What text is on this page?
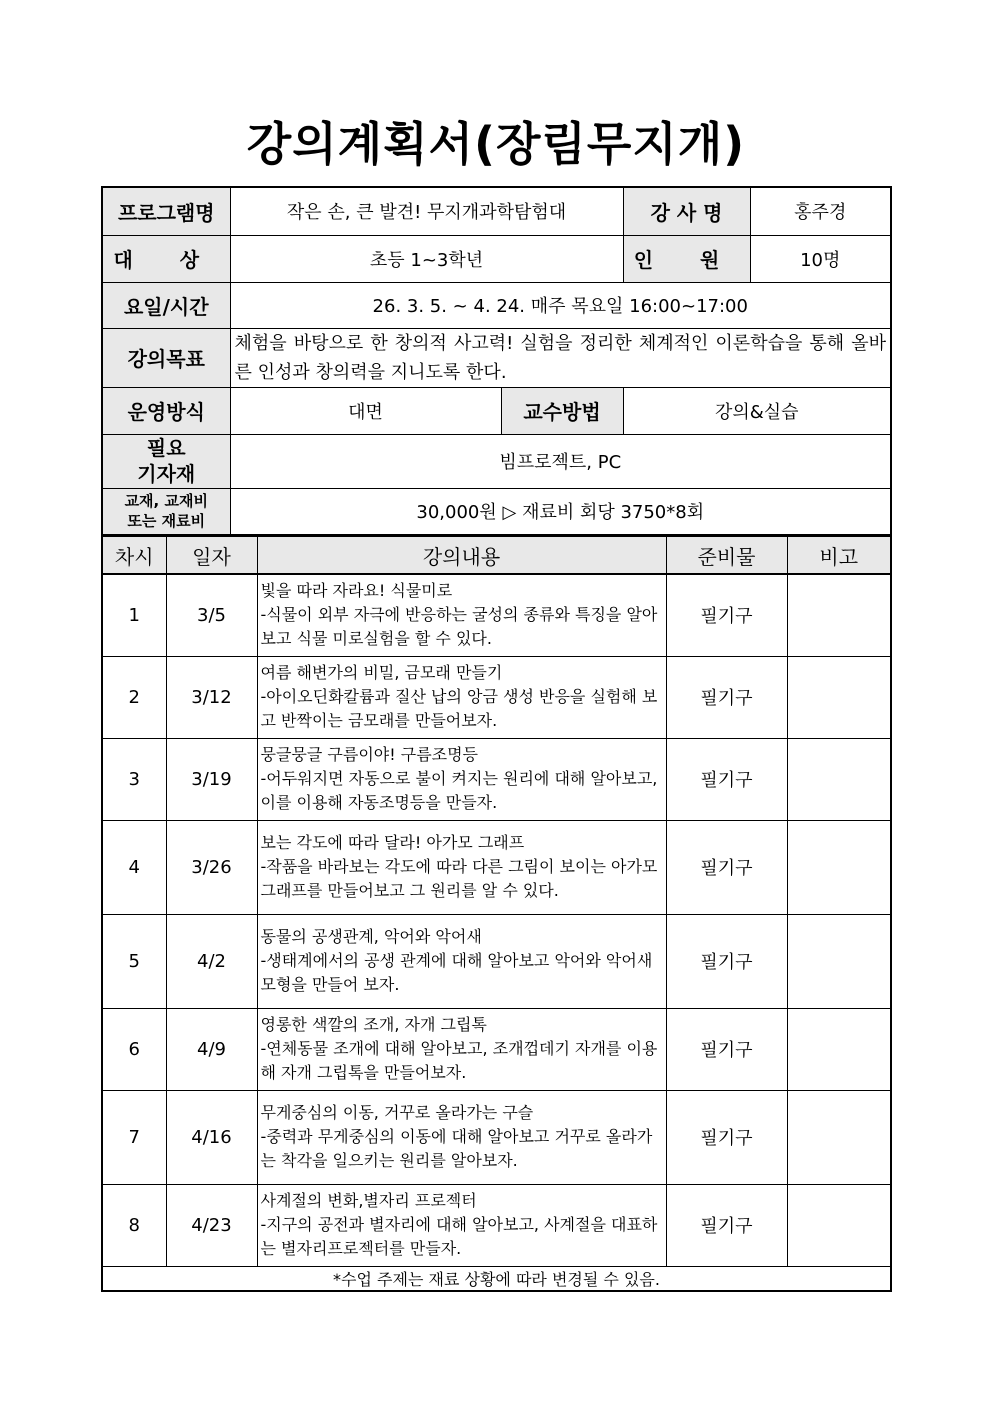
강의계획서(장림무지개)
프로그램명	작은 손, 큰 발견! 무지개과학탐험대		강 사 명	홍주경
대 상	초등 1~3학년		인 원	10명
요일/시간	26. 3. 5. ~ 4. 24. 매주 목요일 16:00~17:00			
강의목표	체험을 바탕으로 한 창의적 사고력! 실험을 정리한 체계적인 이론학습을 통해 올바른 인성과 창의력을 지니도록 한다.			
운영방식	대면	교수방법	강의&실습	
필요
기자재	빔프로젝트, PC			
교재, 교재비
또는 재료비	30,000원 ▷ 재료비 회당 3750*8회			
차시	일자	강의내용	준비물	비고
1	3/5	빛을 따라 자라요! 식물미로
-식물이 외부 자극에 반응하는 굴성의 종류와 특징을 알아보고 식물 미로실험을 할 수 있다.	필기구	
2	3/12	여름 해변가의 비밀, 금모래 만들기
-아이오딘화칼륨과 질산 납의 앙금 생성 반응을 실험해 보고 반짝이는 금모래를 만들어보자.	필기구	
3	3/19	뭉글뭉글 구름이야! 구름조명등
-어두워지면 자동으로 불이 켜지는 원리에 대해 알아보고, 이를 이용해 자동조명등을 만들자.	필기구	
4	3/26	보는 각도에 따라 달라! 아가모 그래프
-작품을 바라보는 각도에 따라 다른 그림이 보이는 아가모 그래프를 만들어보고 그 원리를 알 수 있다.	필기구	
5	4/2	동물의 공생관계, 악어와 악어새
-생태계에서의 공생 관계에 대해 알아보고 악어와 악어새 모형을 만들어 보자.	필기구	
6	4/9	영롱한 색깔의 조개, 자개 그립톡
-연체동물 조개에 대해 알아보고, 조개껍데기 자개를 이용해 자개 그립톡을 만들어보자.	필기구	
7	4/16	무게중심의 이동, 거꾸로 올라가는 구슬
-중력과 무게중심의 이동에 대해 알아보고 거꾸로 올라가는 착각을 일으키는 원리를 알아보자.	필기구	
8	4/23	사계절의 변화,별자리 프로젝터
-지구의 공전과 별자리에 대해 알아보고, 사계절을 대표하는 별자리프로젝터를 만들자.	필기구	
*수업 주제는 재료 상황에 따라 변경될 수 있음.				
